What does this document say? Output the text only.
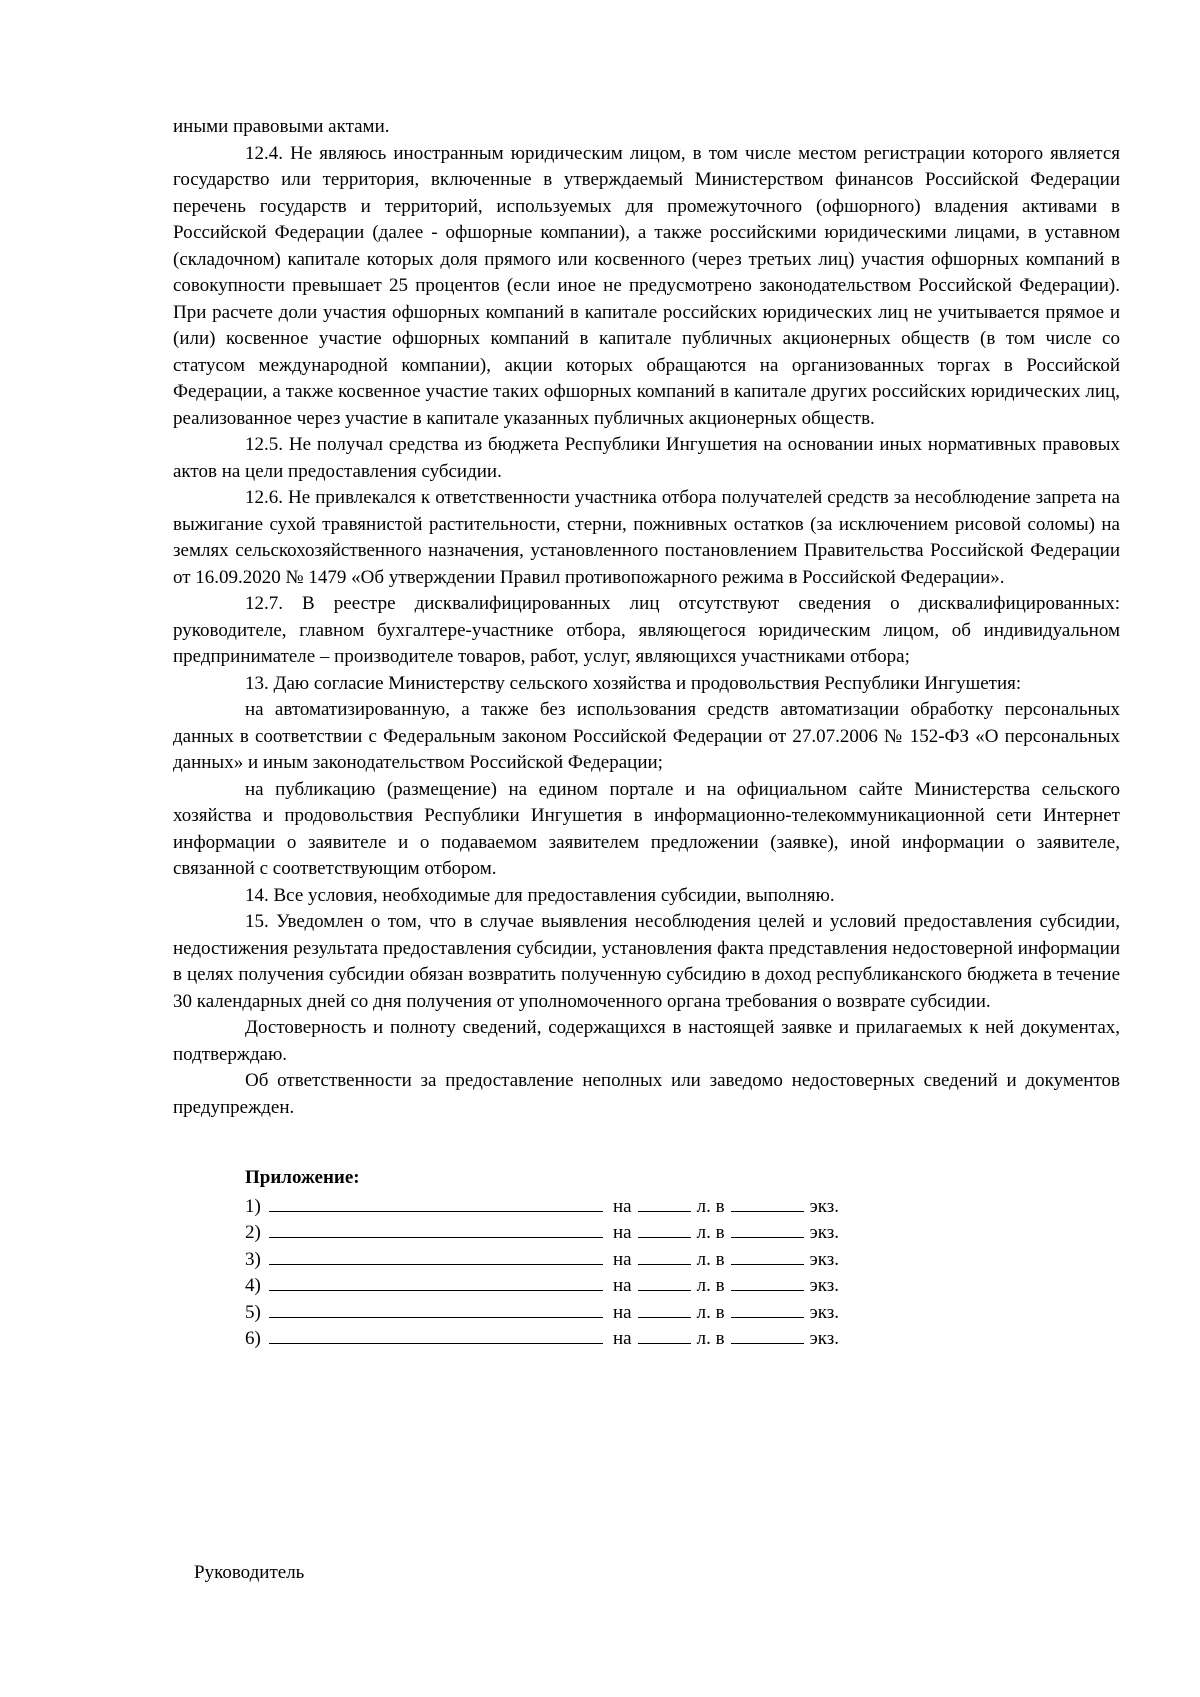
иными правовыми актами.

12.4. Не являюсь иностранным юридическим лицом, в том числе местом регистрации которого является государство или территория, включенные в утверждаемый Министерством финансов Российской Федерации перечень государств и территорий, используемых для промежуточного (офшорного) владения активами в Российской Федерации (далее - офшорные компании), а также российскими юридическими лицами, в уставном (складочном) капитале которых доля прямого или косвенного (через третьих лиц) участия офшорных компаний в совокупности превышает 25 процентов (если иное не предусмотрено законодательством Российской Федерации). При расчете доли участия офшорных компаний в капитале российских юридических лиц не учитывается прямое и (или) косвенное участие офшорных компаний в капитале публичных акционерных обществ (в том числе со статусом международной компании), акции которых обращаются на организованных торгах в Российской Федерации, а также косвенное участие таких офшорных компаний в капитале других российских юридических лиц, реализованное через участие в капитале указанных публичных акционерных обществ.

12.5. Не получал средства из бюджета Республики Ингушетия на основании иных нормативных правовых актов на цели предоставления субсидии.

12.6. Не привлекался к ответственности участника отбора получателей средств за несоблюдение запрета на выжигание сухой травянистой растительности, стерни, пожнивных остатков (за исключением рисовой соломы) на землях сельскохозяйственного назначения, установленного постановлением Правительства Российской Федерации от 16.09.2020 № 1479 «Об утверждении Правил противопожарного режима в Российской Федерации».

12.7. В реестре дисквалифицированных лиц отсутствуют сведения о дисквалифицированных: руководителе, главном бухгалтере-участнике отбора, являющегося юридическим лицом, об индивидуальном предпринимателе – производителе товаров, работ, услуг, являющихся участниками отбора;

13. Даю согласие Министерству сельского хозяйства и продовольствия Республики Ингушетия:

на автоматизированную, а также без использования средств автоматизации обработку персональных данных в соответствии с Федеральным законом Российской Федерации от 27.07.2006 № 152-ФЗ «О персональных данных» и иным законодательством Российской Федерации;

на публикацию (размещение) на едином портале и на официальном сайте Министерства сельского хозяйства и продовольствия Республики Ингушетия в информационно-телекоммуникационной сети Интернет информации о заявителе и о подаваемом заявителем предложении (заявке), иной информации о заявителе, связанной с соответствующим отбором.

14. Все условия, необходимые для предоставления субсидии, выполняю.

15. Уведомлен о том, что в случае выявления несоблюдения целей и условий предоставления субсидии, недостижения результата предоставления субсидии, установления факта представления недостоверной информации в целях получения субсидии обязан возвратить полученную субсидию в доход республиканского бюджета в течение 30 календарных дней со дня получения от уполномоченного органа требования о возврате субсидии.

Достоверность и полноту сведений, содержащихся в настоящей заявке и прилагаемых к ней документах, подтверждаю.

Об ответственности за предоставление неполных или заведомо недостоверных сведений и документов предупрежден.

Приложение:
1)	на	л. в	экз.
2)	на	л. в	экз.
3)	на	л. в	экз.
4)	на	л. в	экз.
5)	на	л. в	экз.
6)	на	л. в	экз.
Руководитель
